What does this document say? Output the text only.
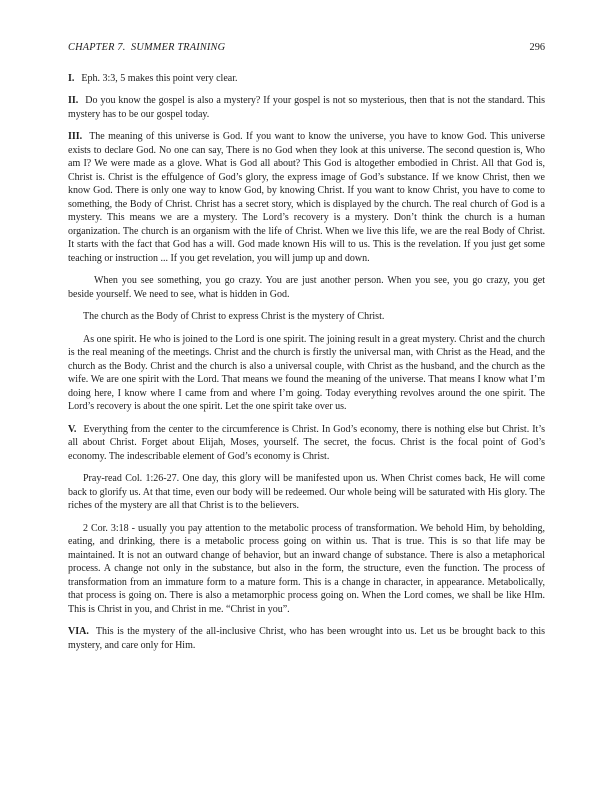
CHAPTER 7.  SUMMER TRAINING	296

I. Eph. 3:3, 5 makes this point very clear.

II. Do you know the gospel is also a mystery? If your gospel is not so mysterious, then that is not the standard. This mystery has to be our gospel today.

III. The meaning of this universe is God. If you want to know the universe, you have to know God. This universe exists to declare God. No one can say, There is no God when they look at this universe. The second question is, Who am I? We were made as a glove. What is God all about? This God is altogether embodied in Christ. All that God is, Christ is. Christ is the effulgence of God’s glory, the express image of God’s substance. If we know Christ, then we know God. There is only one way to know God, by knowing Christ. If you want to know Christ, you have to come to something, the Body of Christ. Christ has a secret story, which is displayed by the church. The real church of God is a mystery. This means we are a mystery. The Lord’s recovery is a mystery. Don’t think the church is a human organization. The church is an organism with the life of Christ. When we live this life, we are the real Body of Christ. It starts with the fact that God has a will. God made known His will to us. This is the revelation. If you just get some teaching or instruction ... If you get revelation, you will jump up and down.

When you see something, you go crazy. You are just another person. When you see, you go crazy, you get beside yourself. We need to see, what is hidden in God.

The church as the Body of Christ to express Christ is the mystery of Christ.

As one spirit. He who is joined to the Lord is one spirit. The joining result in a great mystery. Christ and the church is the real meaning of the meetings. Christ and the church is firstly the universal man, with Christ as the Head, and the church as the Body. Christ and the church is also a universal couple, with Christ as the husband, and the church as the wife. We are one spirit with the Lord. That means we found the meaning of the universe. That means I know what I’m doing here, I know where I came from and where I’m going. Today everything revolves around the one spirit. The Lord’s recovery is about the one spirit. Let the one spirit take over us.

V. Everything from the center to the circumference is Christ. In God’s economy, there is nothing else but Christ. It’s all about Christ. Forget about Elijah, Moses, yourself. The secret, the focus. Christ is the focal point of God’s economy. The indescribable element of God’s economy is Christ.

Pray-read Col. 1:26-27. One day, this glory will be manifested upon us. When Christ comes back, He will come back to glorify us. At that time, even our body will be redeemed. Our whole being will be saturated with His glory. The riches of the mystery are all that Christ is to the believers.

2 Cor. 3:18 - usually you pay attention to the metabolic process of transformation. We behold Him, by beholding, eating, and drinking, there is a metabolic process going on within us. That is true. This is so that life may be maintained. It is not an outward change of behavior, but an inward change of substance. There is also a metaphorical process. A change not only in the substance, but also in the form, the structure, even the function. The process of transformation from an immature form to a mature form. This is a change in character, in appearance. Metabolically, that process is going on. There is also a metamorphic process going on. When the Lord comes, we shall be like HIm. This is Christ in you, and Christ in me. “Christ in you”.

VIA. This is the mystery of the all-inclusive Christ, who has been wrought into us. Let us be brought back to this mystery, and care only for Him.
